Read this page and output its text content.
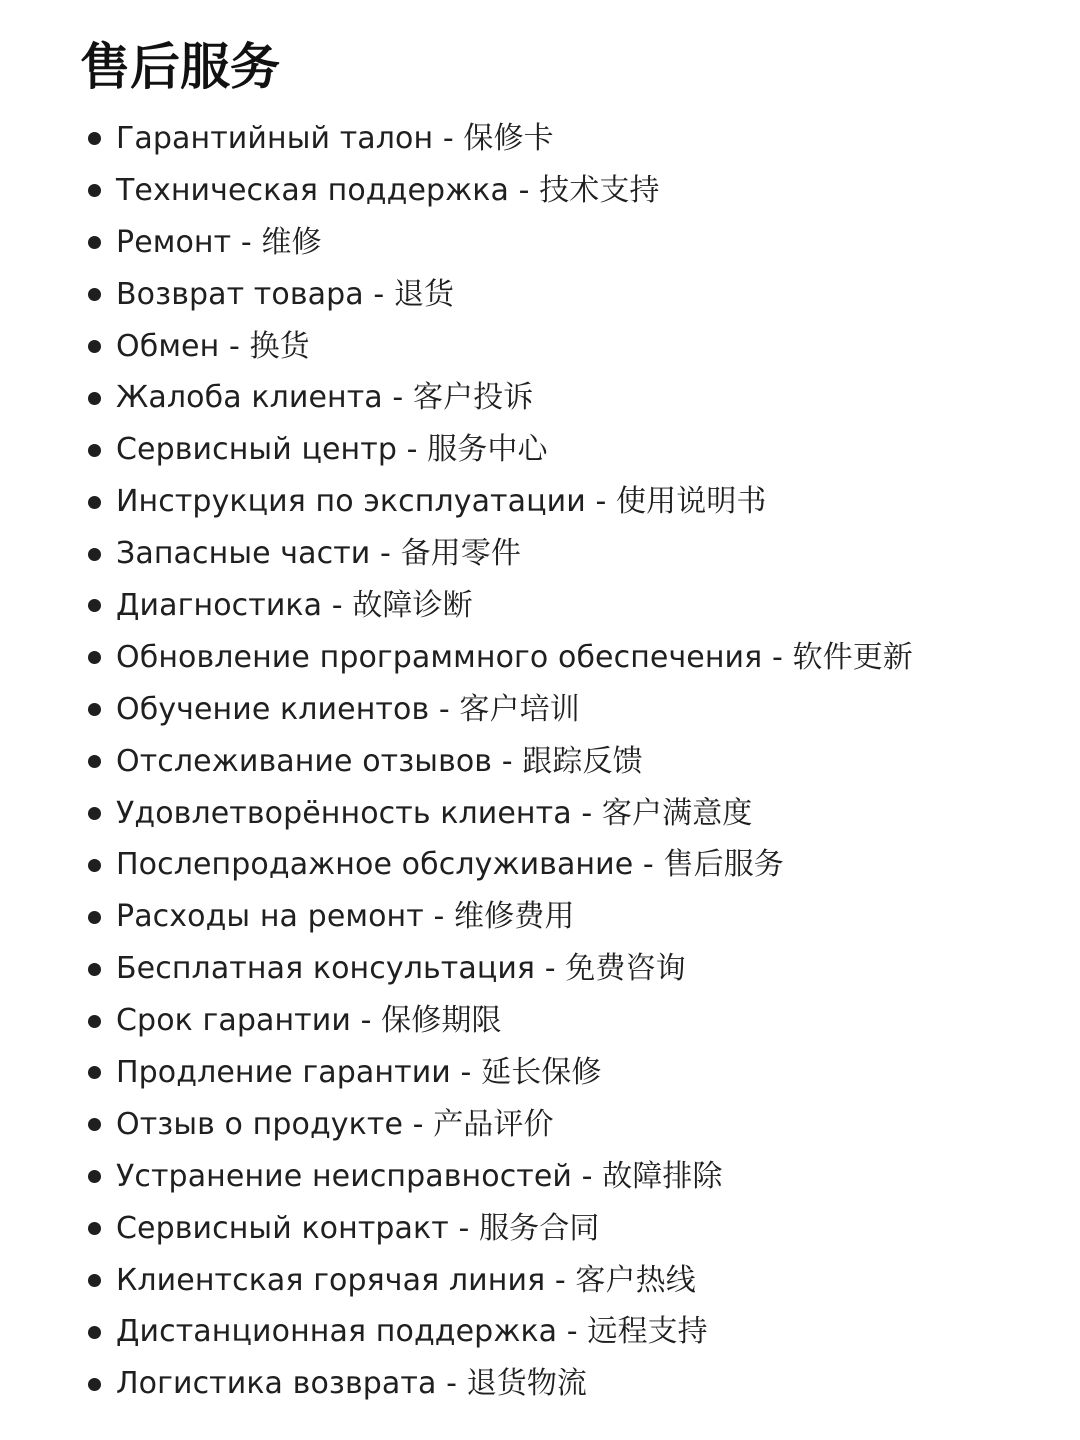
售后服务
Гарантийный талон - 保修卡
Техническая поддержка - 技术支持
Ремонт - 维修
Возврат товара - 退货
Обмен - 换货
Жалоба клиента - 客户投诉
Сервисный центр - 服务中心
Инструкция по эксплуатации - 使用说明书
Запасные части - 备用零件
Диагностика - 故障诊断
Обновление программного обеспечения - 软件更新
Обучение клиентов - 客户培训
Отслеживание отзывов - 跟踪反馈
Удовлетворённость клиента - 客户满意度
Послепродажное обслуживание - 售后服务
Расходы на ремонт - 维修费用
Бесплатная консультация - 免费咨询
Срок гарантии - 保修期限
Продление гарантии - 延长保修
Отзыв о продукте - 产品评价
Устранение неисправностей - 故障排除
Сервисный контракт - 服务合同
Клиентская горячая линия - 客户热线
Дистанционная поддержка - 远程支持
Логистика возврата - 退货物流
